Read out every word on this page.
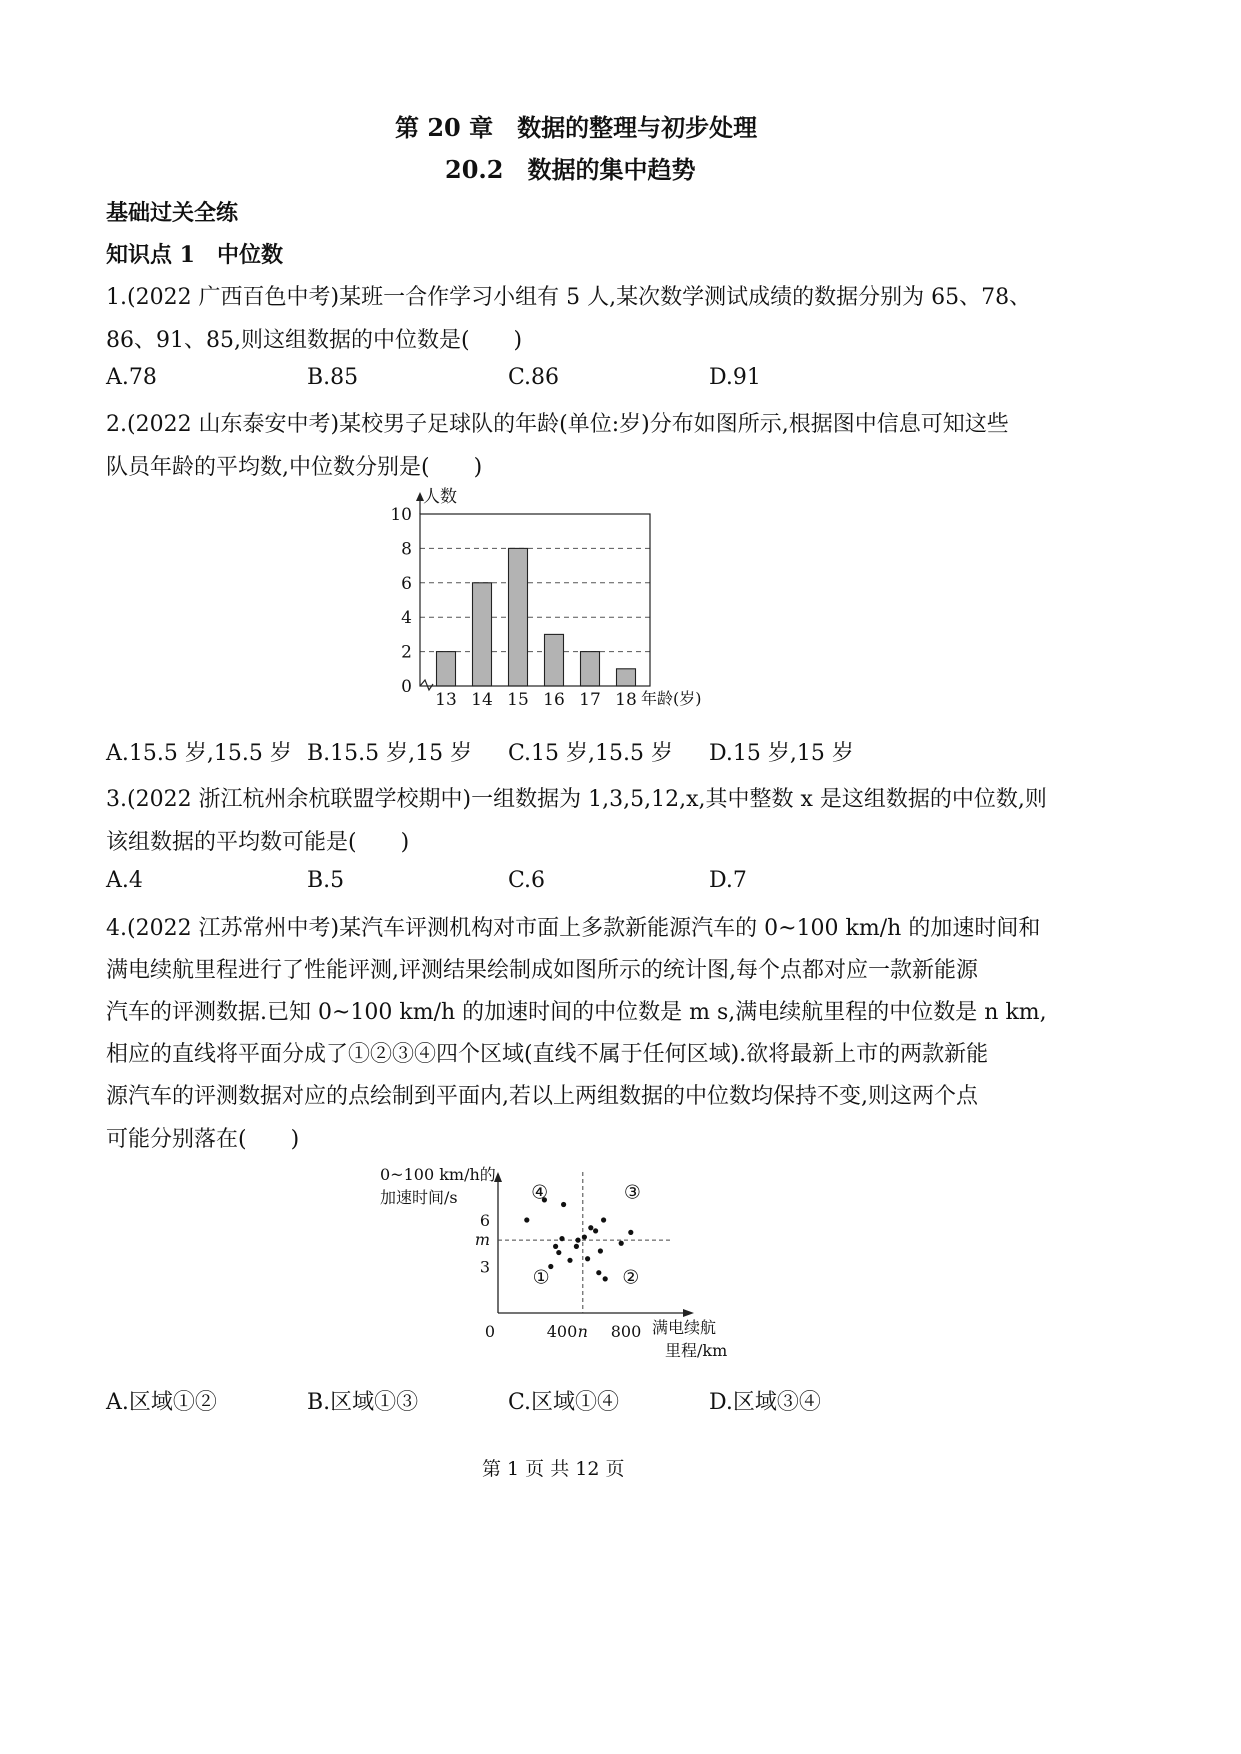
第 20 章　数据的整理与初步处理
20.2　数据的集中趋势
基础过关全练
知识点 1　中位数
1.(2022 广西百色中考)某班一合作学习小组有 5 人,某次数学测试成绩的数据分别为 65、78、
86、91、85,则这组数据的中位数是(　　)
A.78	B.85	C.86	D.91
2.(2022 山东泰安中考)某校男子足球队的年龄(单位:岁)分布如图所示,根据图中信息可知这些
队员年龄的平均数,中位数分别是(　　)
0
2
4
6
8
10
13 14 15 16 17 18
人数
年龄(岁)
A.15.5 岁,15.5 岁 B.15.5 岁,15 岁 C.15 岁,15.5 岁 D.15 岁,15 岁
3.(2022 浙江杭州余杭联盟学校期中)一组数据为 1,3,5,12,x,其中整数 x 是这组数据的中位数,则
该组数据的平均数可能是(　　)
A.4	B.5	C.6	D.7
4.(2022 江苏常州中考)某汽车评测机构对市面上多款新能源汽车的 0~100 km/h 的加速时间和
满电续航里程进行了性能评测,评测结果绘制成如图所示的统计图,每个点都对应一款新能源
汽车的评测数据.已知 0~100 km/h 的加速时间的中位数是 m s,满电续航里程的中位数是 n km,
相应的直线将平面分成了①②③④四个区域(直线不属于任何区域).欲将最新上市的两款新能
源汽车的评测数据对应的点绘制到平面内,若以上两组数据的中位数均保持不变,则这两个点
可能分别落在(　　)
0	400 800
n
3
6
m
①	②
③
④
0~100 km/h的
加速时间/s
满电续航
里程/km
A.区域①②	B.区域①③	C.区域①④	D.区域③④
第 1 页 共 12 页
